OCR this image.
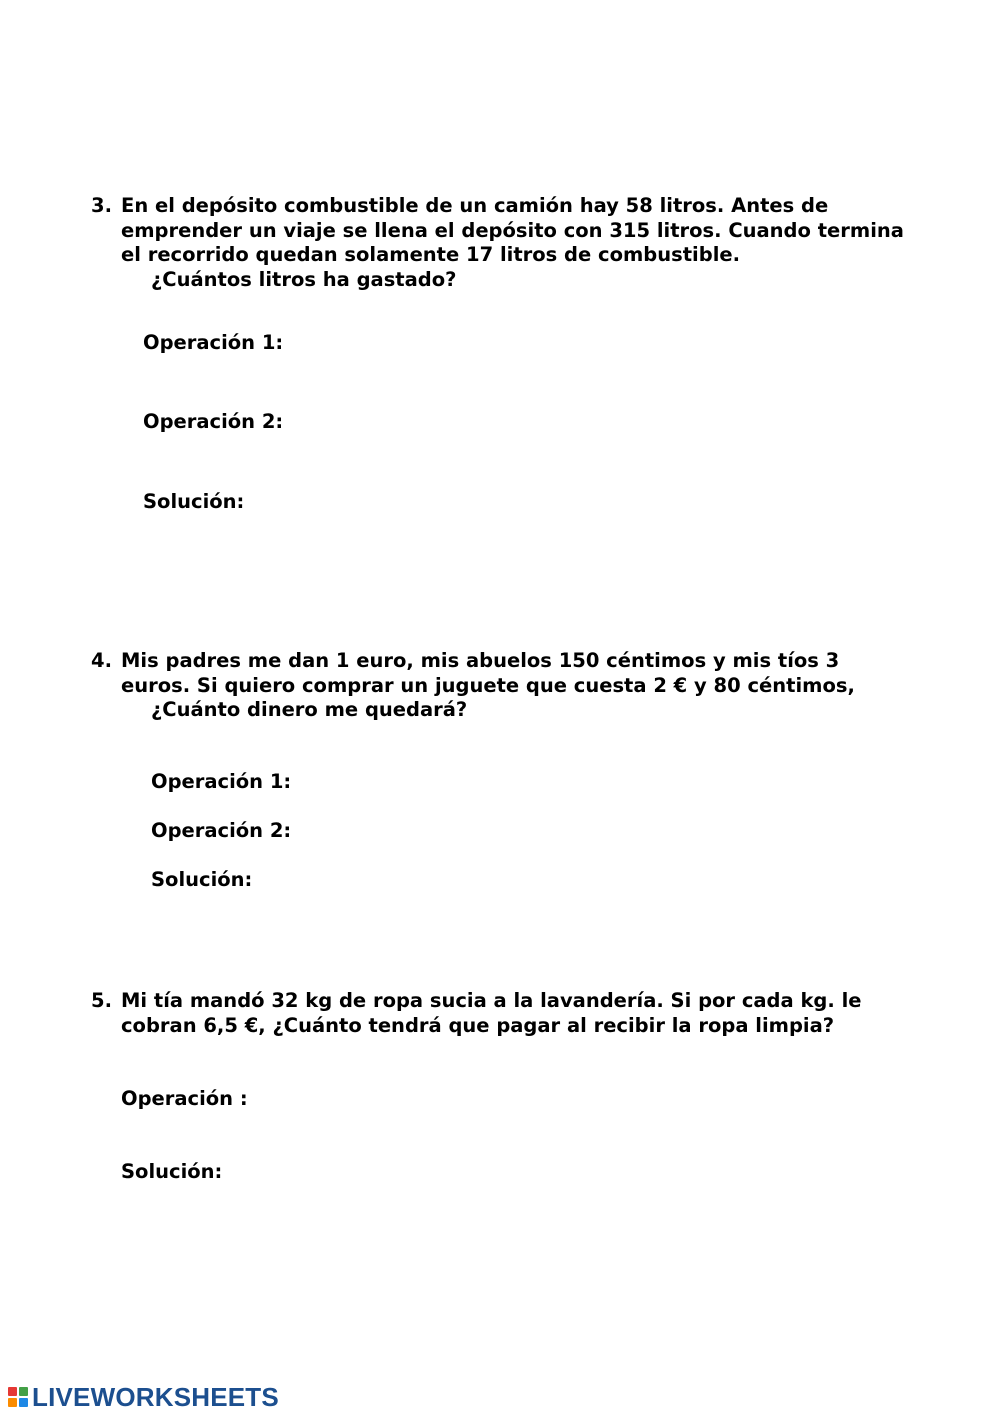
3. En el depósito combustible de un camión hay 58 litros. Antes de
emprender un viaje se llena el depósito con 315 litros. Cuando termina
el recorrido quedan solamente 17 litros de combustible.
¿Cuántos litros ha gastado?
Operación 1:
Operación 2:
Solución:
4. Mis padres me dan 1 euro, mis abuelos 150 céntimos y mis tíos 3
euros. Si quiero comprar un juguete que cuesta 2 € y 80 céntimos,
¿Cuánto dinero me quedará?
Operación 1:
Operación 2:
Solución:
5. Mi tía mandó 32 kg de ropa sucia a la lavandería. Si por cada kg. le
cobran 6,5 €, ¿Cuánto tendrá que pagar al recibir la ropa limpia?
Operación :
Solución:
LIVEWORKSHEETS
